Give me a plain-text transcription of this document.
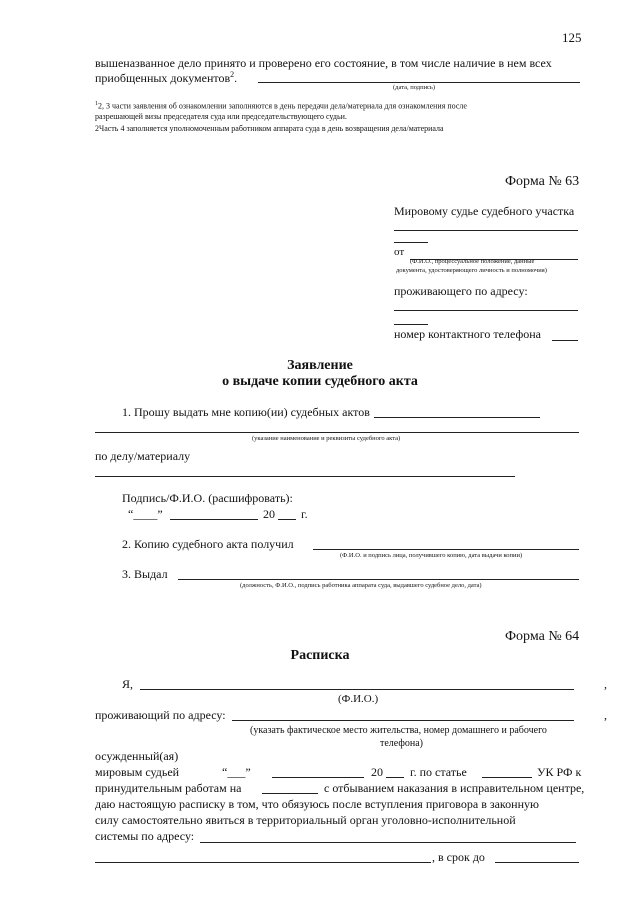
125
вышеназванное дело принято и проверено его состояние, в том числе наличие в нем всех
приобщенных документов$^2$.
(дата, подпись)
$^1$2, 3 части заявления об ознакомлении заполняются в день передачи дела/материала для ознакомления после
разрешающей визы председателя суда или председательствующего судьи.
2Часть 4 заполняется уполномоченным работником аппарата суда в день возвращения дела/материала
Форма № 63
Мировому судье судебного участка
от
(Ф.И.О., процессуальное положение, данные
документа, удостоверяющего личность и полномочия)
проживающего по адресу:
номер контактного телефона
Заявление
о выдаче копии судебного акта
1. Прошу выдать мне копию(ии) судебных актов
(указание наименование и реквизиты судебного акта)
по делу/материалу
Подпись/Ф.И.О. (расшифровать):
“____”	20 г.
2. Копию судебного акта получил
(Ф.И.О. и подпись лица, получившего копию, дата выдачи копии)
3. Выдал
(должность, Ф.И.О., подпись работника аппарата суда, выдавшего судебное дело, дата)
Форма № 64
Расписка
Я,	,
(Ф.И.О.)
проживающий по адресу:	,
(указать фактическое место жительства, номер домашнего и рабочего
телефона)
осужденный(ая)
мировым судьей	“___”	20 г. по статье	УК РФ к
принудительным работам на	с отбыванием наказания в исправительном центре,
даю настоящую расписку в том, что обязуюсь после вступления приговора в законную
силу самостоятельно явиться в территориальный орган уголовно-исполнительной
системы по адресу:
, в срок до
